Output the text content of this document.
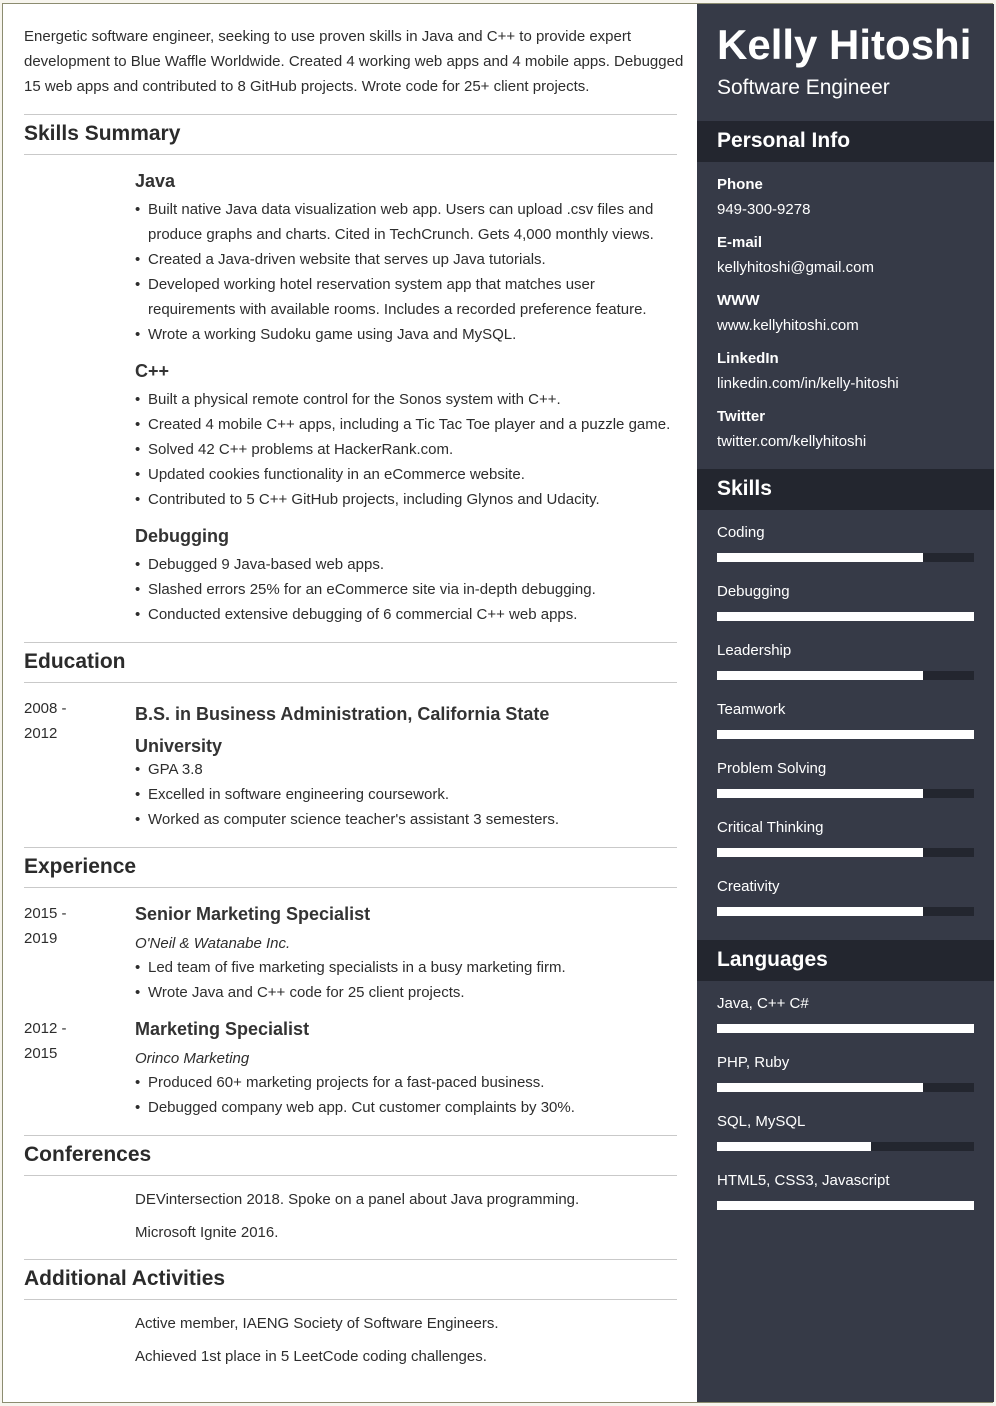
Energetic software engineer, seeking to use proven skills in Java and C++ to provide expert development to Blue Waffle Worldwide. Created 4 working web apps and 4 mobile apps. Debugged 15 web apps and contributed to 8 GitHub projects. Wrote code for 25+ client projects.

Skills Summary
Java
• Built native Java data visualization web app. Users can upload .csv files and produce graphs and charts. Cited in TechCrunch. Gets 4,000 monthly views.
• Created a Java-driven website that serves up Java tutorials.
• Developed working hotel reservation system app that matches user requirements with available rooms. Includes a recorded preference feature.
• Wrote a working Sudoku game using Java and MySQL.
C++
• Built a physical remote control for the Sonos system with C++.
• Created 4 mobile C++ apps, including a Tic Tac Toe player and a puzzle game.
• Solved 42 C++ problems at HackerRank.com.
• Updated cookies functionality in an eCommerce website.
• Contributed to 5 C++ GitHub projects, including Glynos and Udacity.
Debugging
• Debugged 9 Java-based web apps.
• Slashed errors 25% for an eCommerce site via in-depth debugging.
• Conducted extensive debugging of 6 commercial C++ web apps.
Education
2008 - 2012
B.S. in Business Administration, California State University
• GPA 3.8
• Excelled in software engineering coursework.
• Worked as computer science teacher's assistant 3 semesters.
Experience
2015 - 2019
Senior Marketing Specialist
O'Neil & Watanabe Inc.
• Led team of five marketing specialists in a busy marketing firm.
• Wrote Java and C++ code for 25 client projects.
2012 - 2015
Marketing Specialist
Orinco Marketing
• Produced 60+ marketing projects for a fast-paced business.
• Debugged company web app. Cut customer complaints by 30%.
Conferences
DEVintersection 2018. Spoke on a panel about Java programming.
Microsoft Ignite 2016.
Additional Activities
Active member, IAENG Society of Software Engineers.
Achieved 1st place in 5 LeetCode coding challenges.
Kelly Hitoshi
Software Engineer
Personal Info
Phone
949-300-9278
E-mail
kellyhitoshi@gmail.com
WWW
www.kellyhitoshi.com
LinkedIn
linkedin.com/in/kelly-hitoshi
Twitter
twitter.com/kellyhitoshi
Skills
Coding
Debugging
Leadership
Teamwork
Problem Solving
Critical Thinking
Creativity
Languages
Java, C++ C#
PHP, Ruby
SQL, MySQL
HTML5, CSS3, Javascript
